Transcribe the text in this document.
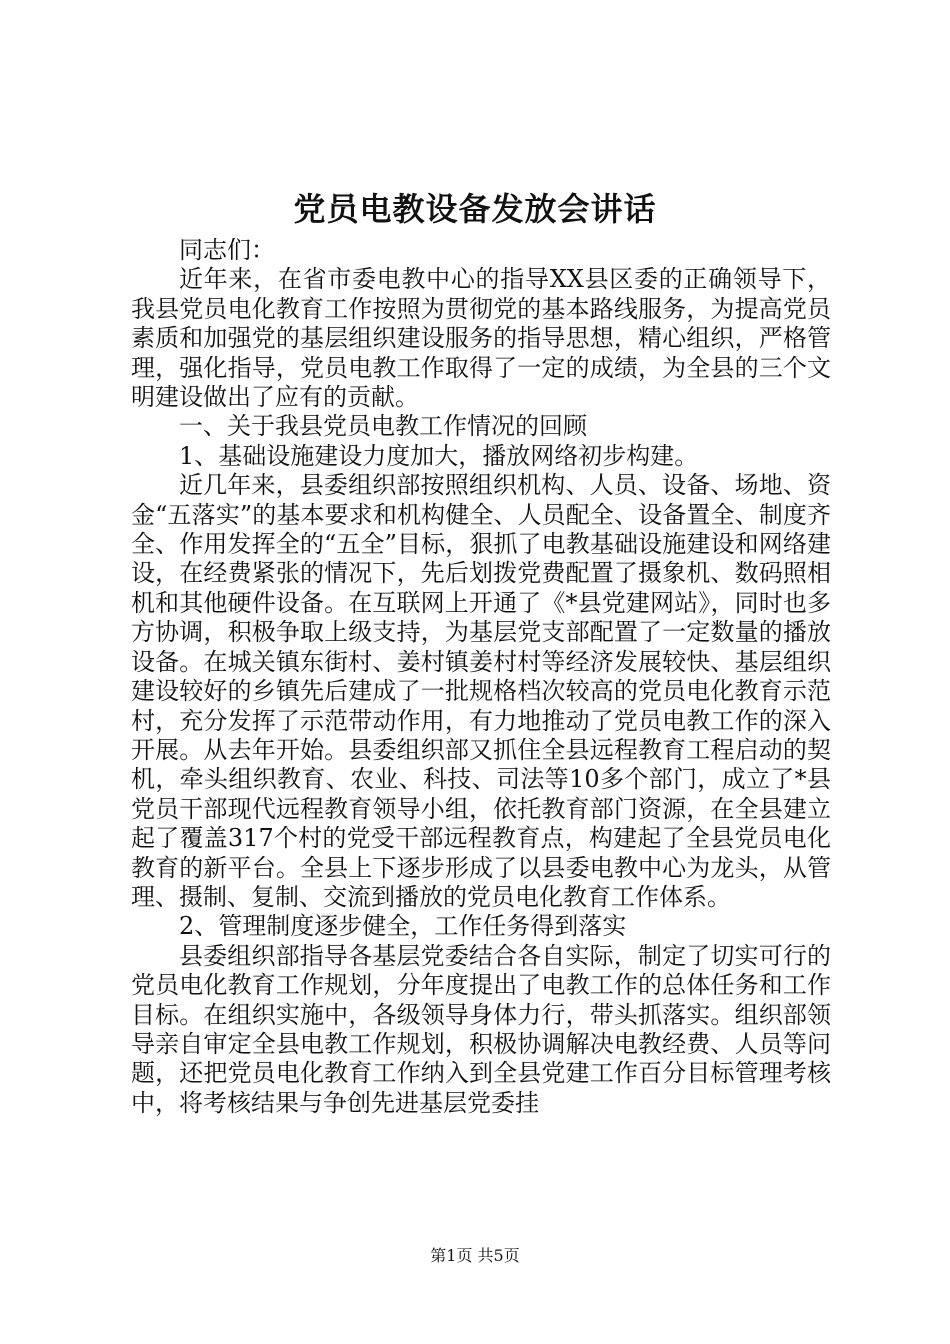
党员电教设备发放会讲话

同志们：

近年来，在省市委电教中心的指导XX县区委的正确领导下，我县党员电化教育工作按照为贯彻党的基本路线服务，为提高党员素质和加强党的基层组织建设服务的指导思想，精心组织，严格管理，强化指导，党员电教工作取得了一定的成绩，为全县的三个文明建设做出了应有的贡献。

一、关于我县党员电教工作情况的回顾

1、基础设施建设力度加大，播放网络初步构建。

近几年来，县委组织部按照组织机构、人员、设备、场地、资金“五落实”的基本要求和机构健全、人员配全、设备置全、制度齐全、作用发挥全的“五全”目标，狠抓了电教基础设施建设和网络建设，在经费紧张的情况下，先后划拨党费配置了摄象机、数码照相机和其他硬件设备。在互联网上开通了《*县党建网站》，同时也多方协调，积极争取上级支持，为基层党支部配置了一定数量的播放设备。在城关镇东街村、姜村镇姜村村等经济发展较快、基层组织建设较好的乡镇先后建成了一批规格档次较高的党员电化教育示范村，充分发挥了示范带动作用，有力地推动了党员电教工作的深入开展。从去年开始。县委组织部又抓住全县远程教育工程启动的契机，牵头组织教育、农业、科技、司法等10多个部门，成立了*县党员干部现代远程教育领导小组，依托教育部门资源，在全县建立起了覆盖317个村的党受干部远程教育点，构建起了全县党员电化教育的新平台。全县上下逐步形成了以县委电教中心为龙头，从管理、摄制、复制、交流到播放的党员电化教育工作体系。

2、管理制度逐步健全，工作任务得到落实

县委组织部指导各基层党委结合各自实际，制定了切实可行的党员电化教育工作规划，分年度提出了电教工作的总体任务和工作目标。在组织实施中，各级领导身体力行，带头抓落实。组织部领导亲自审定全县电教工作规划，积极协调解决电教经费、人员等问题，还把党员电化教育工作纳入到全县党建工作百分目标管理考核中，将考核结果与争创先进基层党委挂

第1页 共5页
